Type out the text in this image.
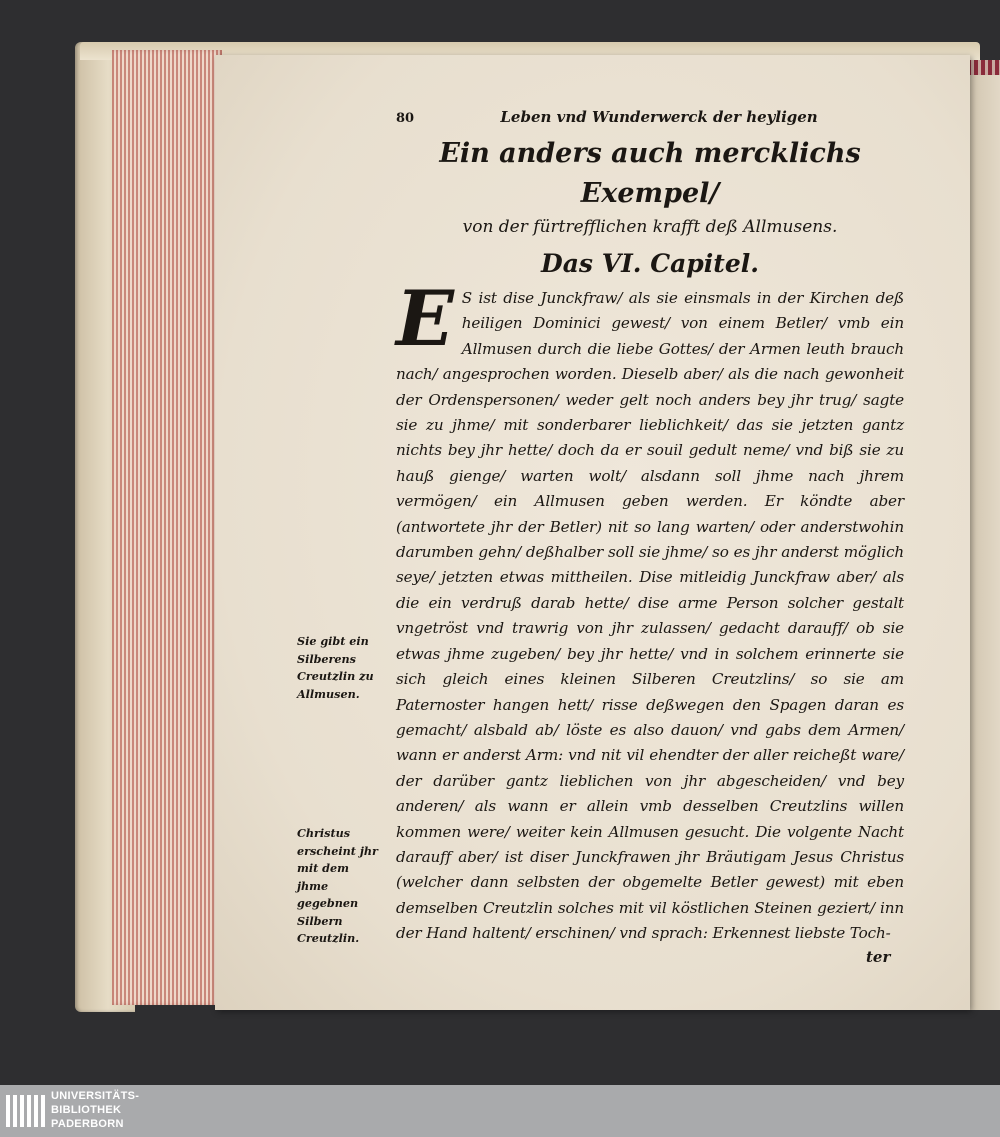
80	Leben vnd Wunderwerck der heyligen
Ein anders auch mercklichs Exempel/

von der fürtrefflichen krafft deß Allmusens.

Das VI. Capitel.

E S ist dise Junckfraw/ als sie einsmals in der Kirchen deß heiligen Dominici gewest/ von einem Betler/ vmb ein Allmusen durch die liebe Gottes/ der Armen leuth brauch nach/ angesprochen worden. Dieselb aber/ als die nach gewonheit der Ordenspersonen/ weder gelt noch anders bey jhr trug/ sagte sie zu jhme/ mit sonderbarer lieblichkeit/ das sie jetzten gantz nichts bey jhr hette/ doch da er souil gedult neme/ vnd biß sie zu hauß gienge/ warten wolt/ alsdann soll jhme nach jhrem vermögen/ ein Allmusen geben werden. Er köndte aber (antwortete jhr der Betler) nit so lang warten/ oder anderstwohin darumben gehn/ deßhalber soll sie jhme/ so es jhr anderst möglich seye/ jetzten etwas mittheilen. Dise mitleidig Junckfraw aber/ als die ein verdruß darab hette/ dise arme Person solcher gestalt vngetröst vnd trawrig von jhr zulassen/ gedacht darauff/ ob sie etwas jhme zugeben/ bey jhr hette/ vnd in solchem erinnerte sie sich gleich eines kleinen Silberen Creutzlins/ so sie am Paternoster hangen hett/ risse deßwegen den Spagen daran es gemacht/ alsbald ab/ löste es also dauon/ vnd gabs dem Armen/ wann er anderst Arm: vnd nit vil ehendter der aller reicheßt ware/ der darüber gantz lieblichen von jhr abgescheiden/ vnd bey anderen/ als wann er allein vmb desselben Creutzlins willen kommen were/ weiter kein Allmusen gesucht. Die volgente Nacht darauff aber/ ist diser Junckfrawen jhr Bräutigam Jesus Christus (welcher dann selbsten der obgemelte Betler gewest) mit eben demselben Creutzlin solches mit vil köstlichen Steinen geziert/ inn der Hand haltent/ erschinen/ vnd sprach: Erkennest liebste Toch-

Sie gibt ein Silberens Creutzlin zu Allmusen.
Christus erscheint jhr mit dem jhme gegebnen Silbern Creutzlin.
ter
UNIVERSITÄTS-
BIBLIOTHEK
PADERBORN
